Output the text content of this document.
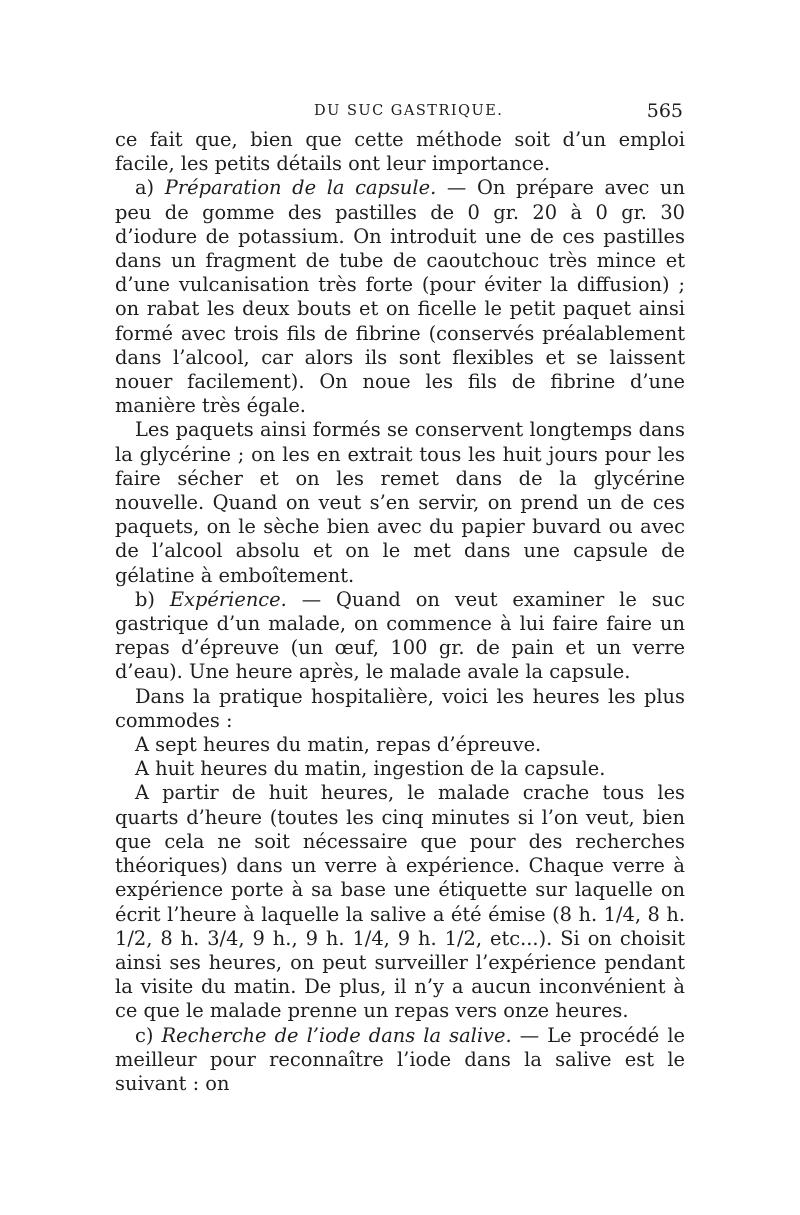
DU SUC GASTRIQUE.	565

ce fait que, bien que cette méthode soit d’un emploi facile, les petits détails ont leur importance.

a) Préparation de la capsule. — On prépare avec un peu de gomme des pastilles de 0 gr. 20 à 0 gr. 30 d’iodure de potassium. On introduit une de ces pastilles dans un fragment de tube de caoutchouc très mince et d’une vulcanisation très forte (pour éviter la diffusion) ; on rabat les deux bouts et on ficelle le petit paquet ainsi formé avec trois fils de fibrine (conservés préalablement dans l’alcool, car alors ils sont flexibles et se laissent nouer facilement). On noue les fils de fibrine d’une manière très égale.

Les paquets ainsi formés se conservent longtemps dans la glycérine ; on les en extrait tous les huit jours pour les faire sécher et on les remet dans de la glycérine nouvelle. Quand on veut s’en servir, on prend un de ces paquets, on le sèche bien avec du papier buvard ou avec de l’alcool absolu et on le met dans une capsule de gélatine à emboîtement.

b) Expérience. — Quand on veut examiner le suc gastrique d’un malade, on commence à lui faire faire un repas d’épreuve (un œuf, 100 gr. de pain et un verre d’eau). Une heure après, le malade avale la capsule.

Dans la pratique hospitalière, voici les heures les plus commodes :

A sept heures du matin, repas d’épreuve.

A huit heures du matin, ingestion de la capsule.

A partir de huit heures, le malade crache tous les quarts d’heure (toutes les cinq minutes si l’on veut, bien que cela ne soit nécessaire que pour des recherches théoriques) dans un verre à expérience. Chaque verre à expérience porte à sa base une étiquette sur laquelle on écrit l’heure à laquelle la salive a été émise (8 h. 1/4, 8 h. 1/2, 8 h. 3/4, 9 h., 9 h. 1/4, 9 h. 1/2, etc...). Si on choisit ainsi ses heures, on peut surveiller l’expérience pendant la visite du matin. De plus, il n’y a aucun inconvénient à ce que le malade prenne un repas vers onze heures.

c) Recherche de l’iode dans la salive. — Le procédé le meilleur pour reconnaître l’iode dans la salive est le suivant : on
